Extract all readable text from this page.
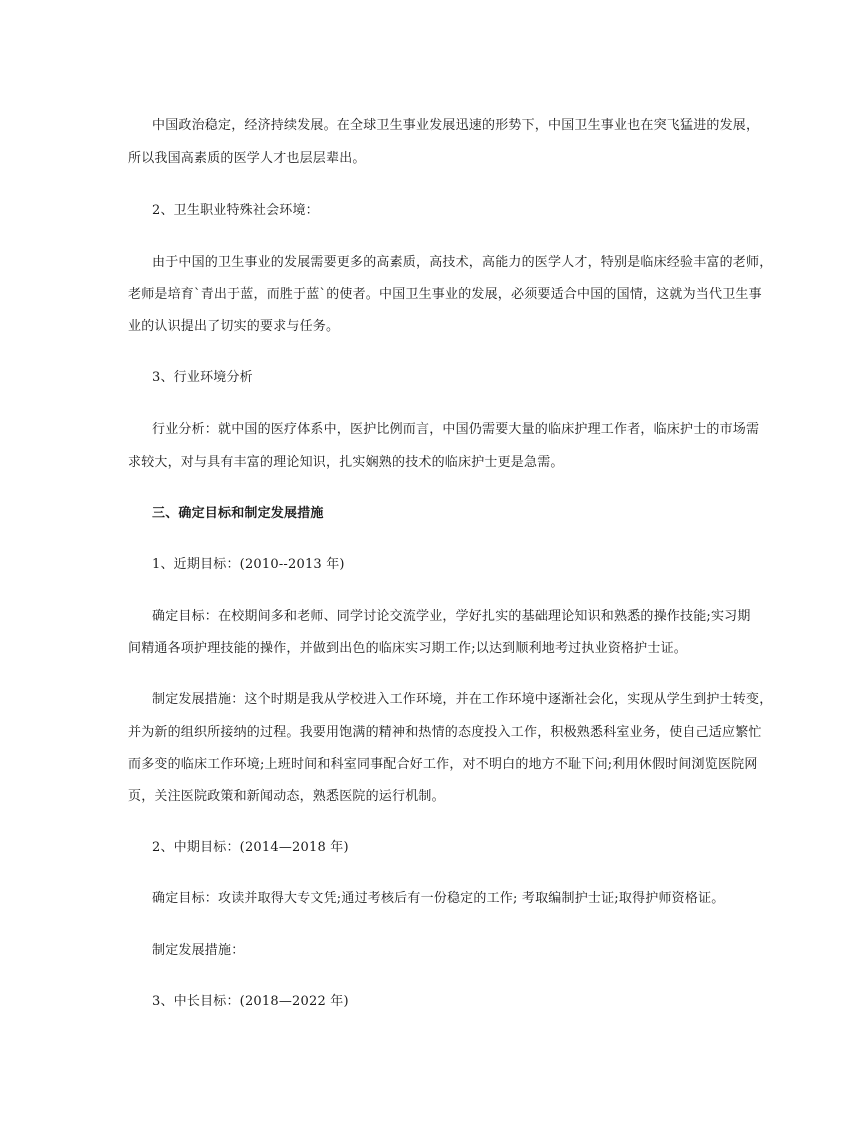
中国政治稳定，经济持续发展。在全球卫生事业发展迅速的形势下，中国卫生事业也在突飞猛进的发展，
所以我国高素质的医学人才也层层辈出。
2、卫生职业特殊社会环境：
由于中国的卫生事业的发展需要更多的高素质，高技术，高能力的医学人才，特别是临床经验丰富的老师，
老师是培育`青出于蓝，而胜于蓝`的使者。中国卫生事业的发展，必须要适合中国的国情，这就为当代卫生事
业的认识提出了切实的要求与任务。
3、行业环境分析
行业分析：就中国的医疗体系中，医护比例而言，中国仍需要大量的临床护理工作者，临床护士的市场需
求较大，对与具有丰富的理论知识，扎实娴熟的技术的临床护士更是急需。
三、确定目标和制定发展措施
1、近期目标：(2010--2013 年)
确定目标：在校期间多和老师、同学讨论交流学业，学好扎实的基础理论知识和熟悉的操作技能;实习期
间精通各项护理技能的操作，并做到出色的临床实习期工作;以达到顺利地考过执业资格护士证。
制定发展措施：这个时期是我从学校进入工作环境，并在工作环境中逐渐社会化，实现从学生到护士转变，
并为新的组织所接纳的过程。我要用饱满的精神和热情的态度投入工作，积极熟悉科室业务，使自己适应繁忙
而多变的临床工作环境;上班时间和科室同事配合好工作，对不明白的地方不耻下问;利用休假时间浏览医院网
页，关注医院政策和新闻动态，熟悉医院的运行机制。
2、中期目标：(2014—2018 年)
确定目标：攻读并取得大专文凭;通过考核后有一份稳定的工作; 考取编制护士证;取得护师资格证。
制定发展措施：
3、中长目标：(2018—2022 年)
